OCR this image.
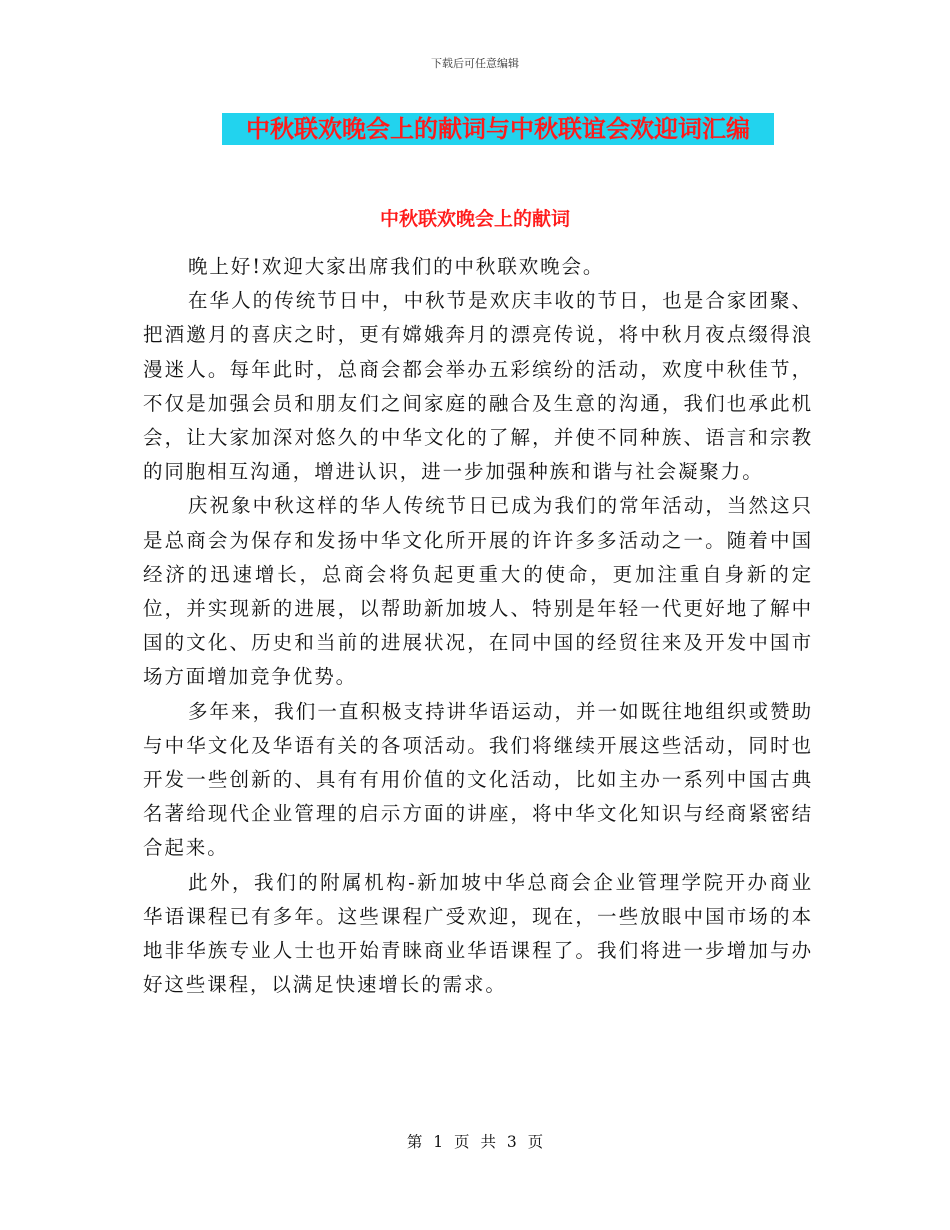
下载后可任意编辑
中秋联欢晚会上的献词与中秋联谊会欢迎词汇编
中秋联欢晚会上的献词

晚上好!欢迎大家出席我们的中秋联欢晚会。

在华人的传统节日中，中秋节是欢庆丰收的节日，也是合家团聚、把酒邀月的喜庆之时，更有嫦娥奔月的漂亮传说，将中秋月夜点缀得浪漫迷人。每年此时，总商会都会举办五彩缤纷的活动，欢度中秋佳节，不仅是加强会员和朋友们之间家庭的融合及生意的沟通，我们也承此机会，让大家加深对悠久的中华文化的了解，并使不同种族、语言和宗教的同胞相互沟通，增进认识，进一步加强种族和谐与社会凝聚力。

庆祝象中秋这样的华人传统节日已成为我们的常年活动，当然这只是总商会为保存和发扬中华文化所开展的许许多多活动之一。随着中国经济的迅速增长，总商会将负起更重大的使命，更加注重自身新的定位，并实现新的进展，以帮助新加坡人、特别是年轻一代更好地了解中国的文化、历史和当前的进展状况，在同中国的经贸往来及开发中国市场方面增加竞争优势。

多年来，我们一直积极支持讲华语运动，并一如既往地组织或赞助与中华文化及华语有关的各项活动。我们将继续开展这些活动，同时也开发一些创新的、具有有用价值的文化活动，比如主办一系列中国古典名著给现代企业管理的启示方面的讲座，将中华文化知识与经商紧密结合起来。

此外，我们的附属机构-新加坡中华总商会企业管理学院开办商业华语课程已有多年。这些课程广受欢迎，现在，一些放眼中国市场的本地非华族专业人士也开始青睐商业华语课程了。我们将进一步增加与办好这些课程，以满足快速增长的需求。

第 1 页 共 3 页
